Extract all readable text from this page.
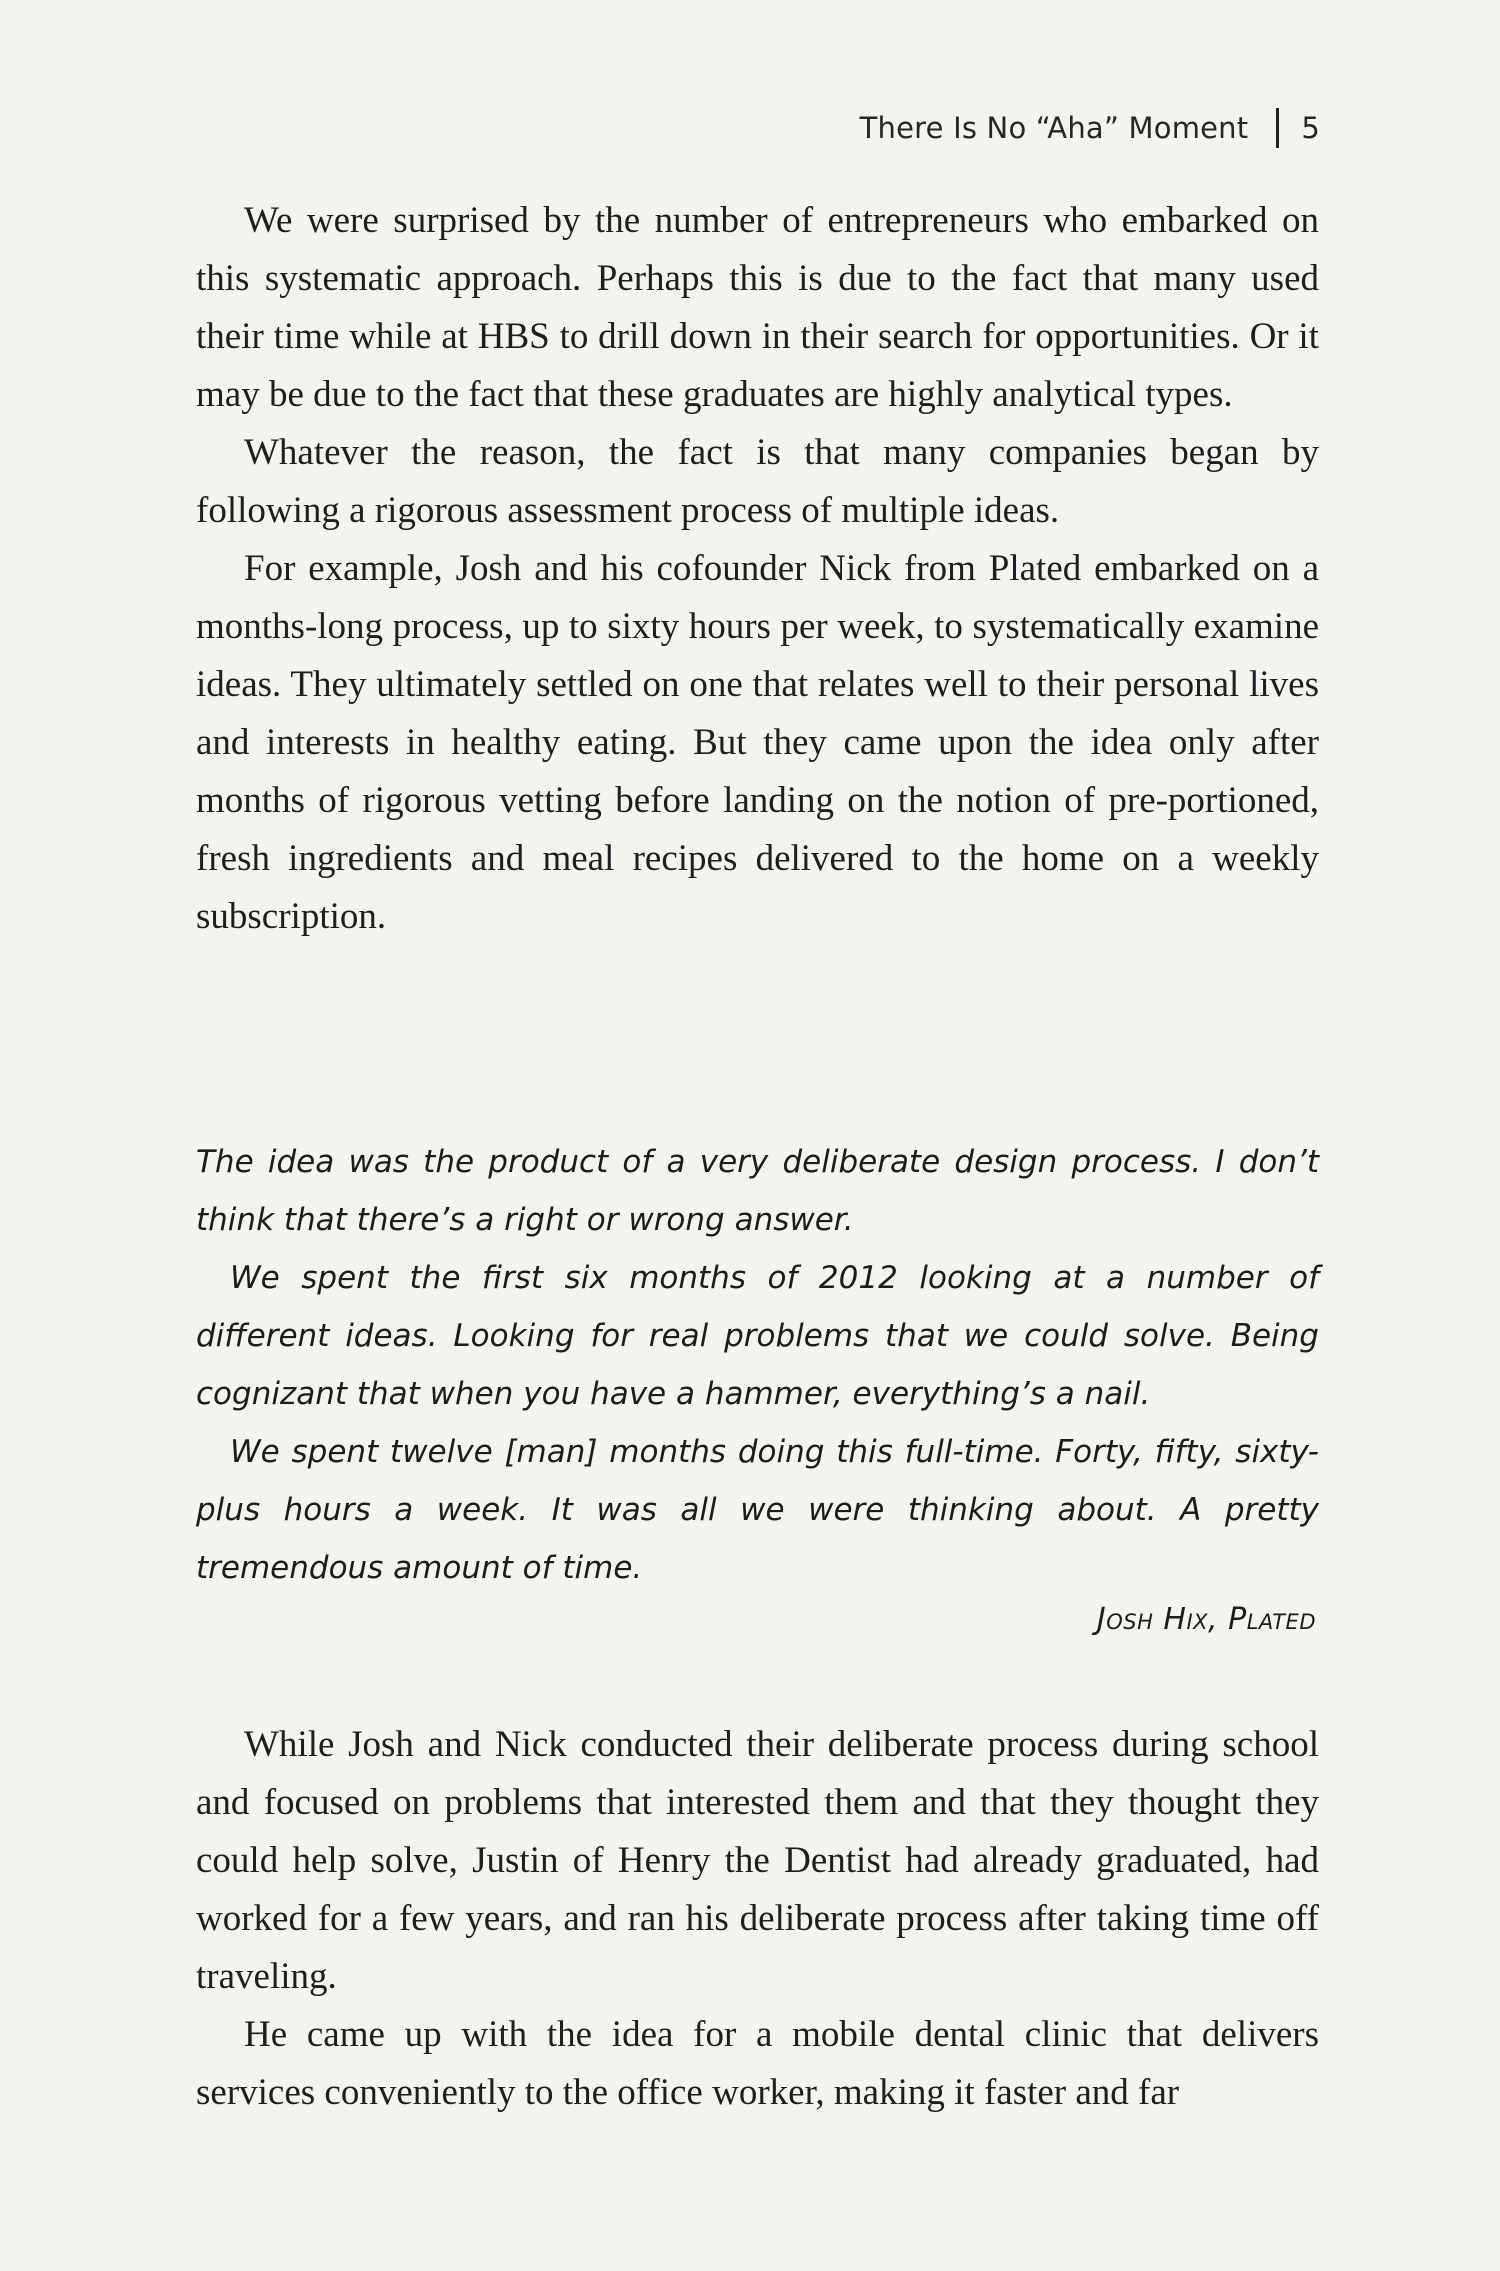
There Is No “Aha” Moment 5

We were surprised by the number of entrepreneurs who embarked on this systematic approach. Perhaps this is due to the fact that many used their time while at HBS to drill down in their search for opportunities. Or it may be due to the fact that these graduates are highly analytical types.

Whatever the reason, the fact is that many companies began by following a rigorous assessment process of multiple ideas.

For example, Josh and his cofounder Nick from Plated embarked on a months-long process, up to sixty hours per week, to systematically examine ideas. They ultimately settled on one that relates well to their personal lives and interests in healthy eating. But they came upon the idea only after months of rigorous vetting before landing on the notion of pre-portioned, fresh ingredients and meal recipes delivered to the home on a weekly subscription.

The idea was the product of a very deliberate design process. I don’t think that there’s a right or wrong answer.

We spent the first six months of 2012 looking at a number of different ideas. Looking for real problems that we could solve. Being cognizant that when you have a hammer, everything’s a nail.

We spent twelve [man] months doing this full-time. Forty, fifty, sixty-plus hours a week. It was all we were thinking about. A pretty tremendous amount of time.

Josh Hix, Plated

While Josh and Nick conducted their deliberate process during school and focused on problems that interested them and that they thought they could help solve, Justin of Henry the Dentist had already graduated, had worked for a few years, and ran his deliberate process after taking time off traveling.

He came up with the idea for a mobile dental clinic that delivers services conveniently to the office worker, making it faster and far
